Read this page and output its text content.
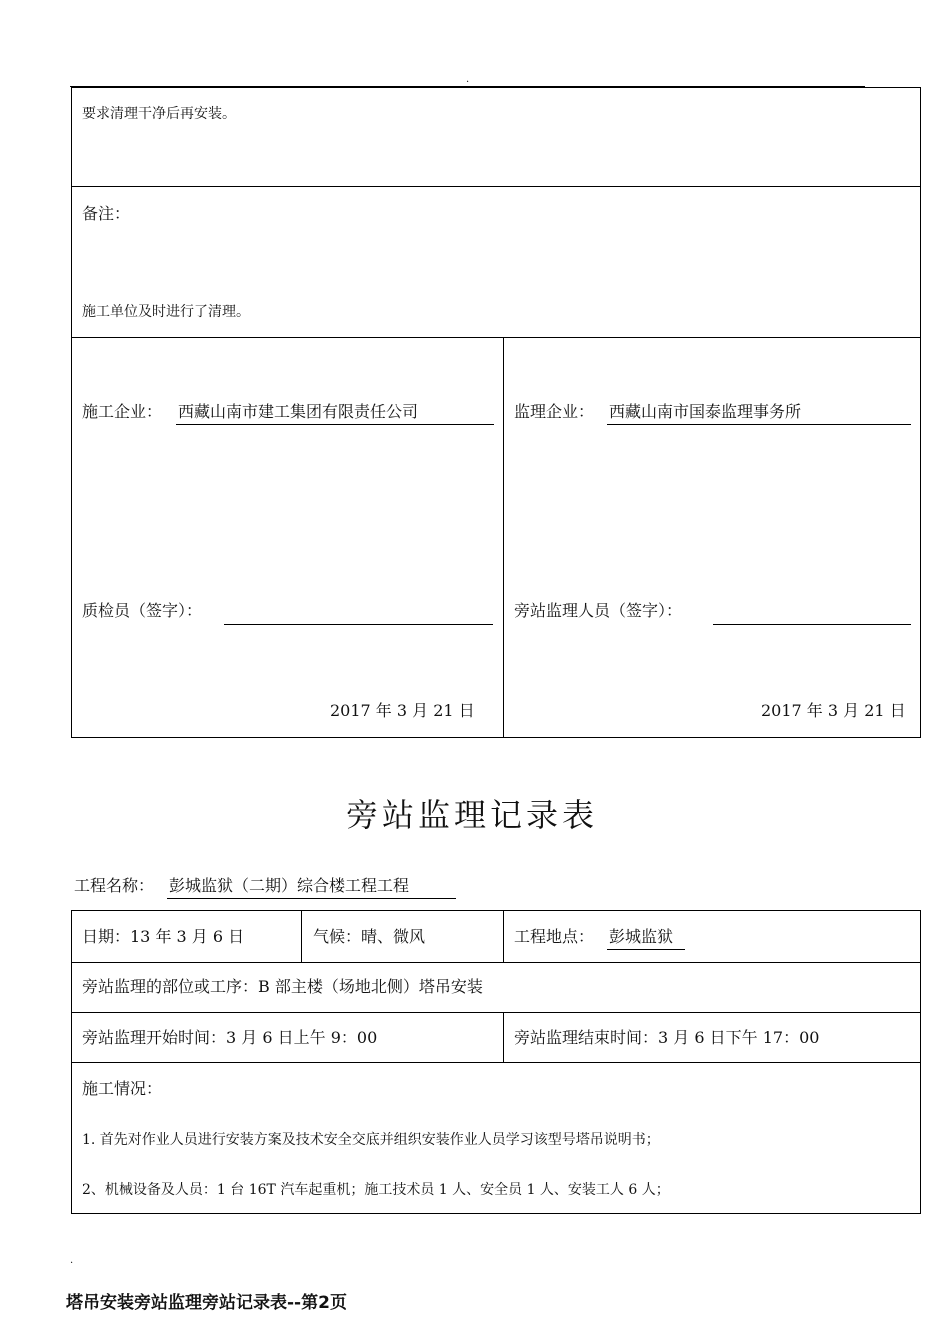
.
要求清理干净后再安装。
备注：
施工单位及时进行了清理。
施工企业： 西藏山南市建工集团有限责任公司	监理企业： 西藏山南市国泰监理事务所
质检员（签字）：	旁站监理人员（签字）：
2017 年 3 月 21 日	2017 年 3 月 21 日
旁站监理记录表
工程名称： 彭城监狱（二期）综合楼工程工程
日期：13 年 3 月 6 日	气候：晴、微风	工程地点： 彭城监狱
旁站监理的部位或工序：B 部主楼（场地北侧）塔吊安装
旁站监理开始时间：3 月 6 日上午 9：00	旁站监理结束时间：3 月 6 日下午 17：00
施工情况：
1. 首先对作业人员进行安装方案及技术安全交底并组织安装作业人员学习该型号塔吊说明书；
2、机械设备及人员：1 台 16T 汽车起重机；施工技术员 1 人、安全员 1 人、安装工人 6 人；
.
塔吊安装旁站监理旁站记录表--第2页
